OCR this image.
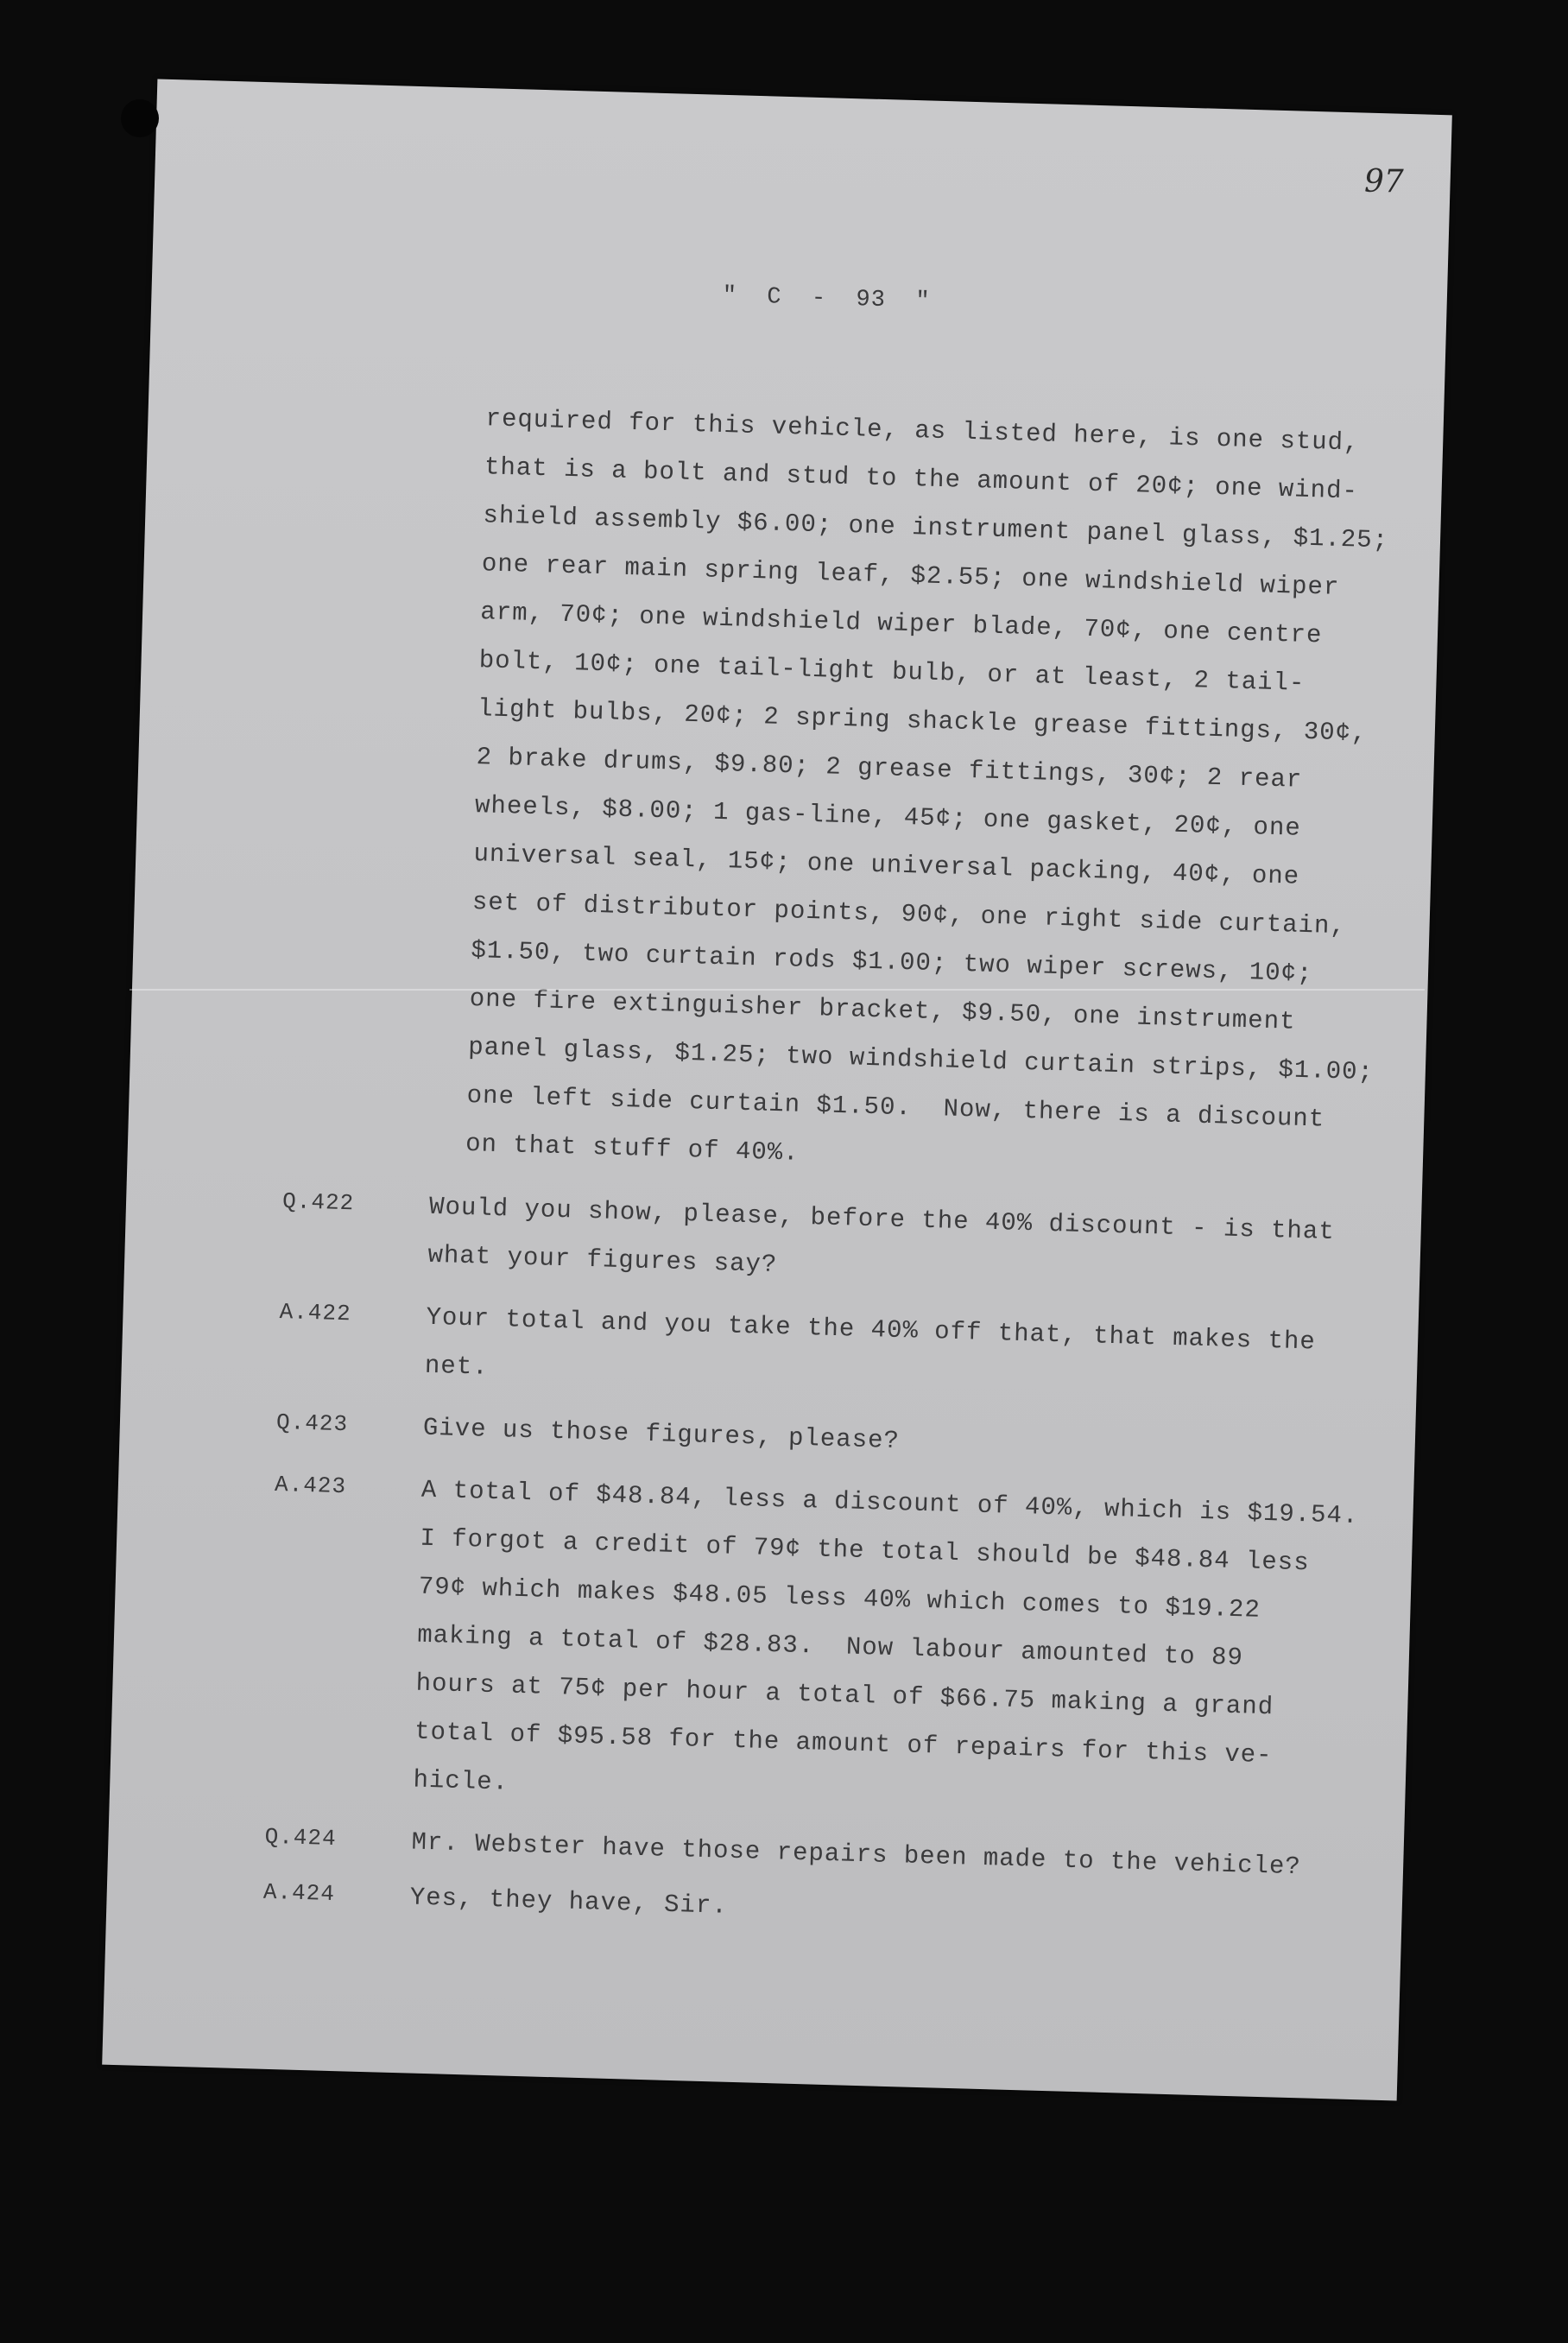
97
"  C  -  93  "
required for this vehicle, as listed here, is one stud,
that is a bolt and stud to the amount of 20¢; one wind-
shield assembly $6.00; one instrument panel glass, $1.25;
one rear main spring leaf, $2.55; one windshield wiper
arm, 70¢; one windshield wiper blade, 70¢, one centre
bolt, 10¢; one tail-light bulb, or at least, 2 tail-
light bulbs, 20¢; 2 spring shackle grease fittings, 30¢,
2 brake drums, $9.80; 2 grease fittings, 30¢; 2 rear
wheels, $8.00; 1 gas-line, 45¢; one gasket, 20¢, one
universal seal, 15¢; one universal packing, 40¢, one
set of distributor points, 90¢, one right side curtain,
$1.50, two curtain rods $1.00; two wiper screws, 10¢;
one fire extinguisher bracket, $9.50, one instrument
panel glass, $1.25; two windshield curtain strips, $1.00;
one left side curtain $1.50.  Now, there is a discount
on that stuff of 40%.
Q.422	Would you show, please, before the 40% discount - is that
what your figures say?
A.422	Your total and you take the 40% off that, that makes the
net.
Q.423	Give us those figures, please?
A.423	A total of $48.84, less a discount of 40%, which is $19.54.
I forgot a credit of 79¢ the total should be $48.84 less
79¢ which makes $48.05 less 40% which comes to $19.22
making a total of $28.83.  Now labour amounted to 89
hours at 75¢ per hour a total of $66.75 making a grand
total of $95.58 for the amount of repairs for this ve-
hicle.
Q.424	Mr. Webster have those repairs been made to the vehicle?
A.424	Yes, they have, Sir.
